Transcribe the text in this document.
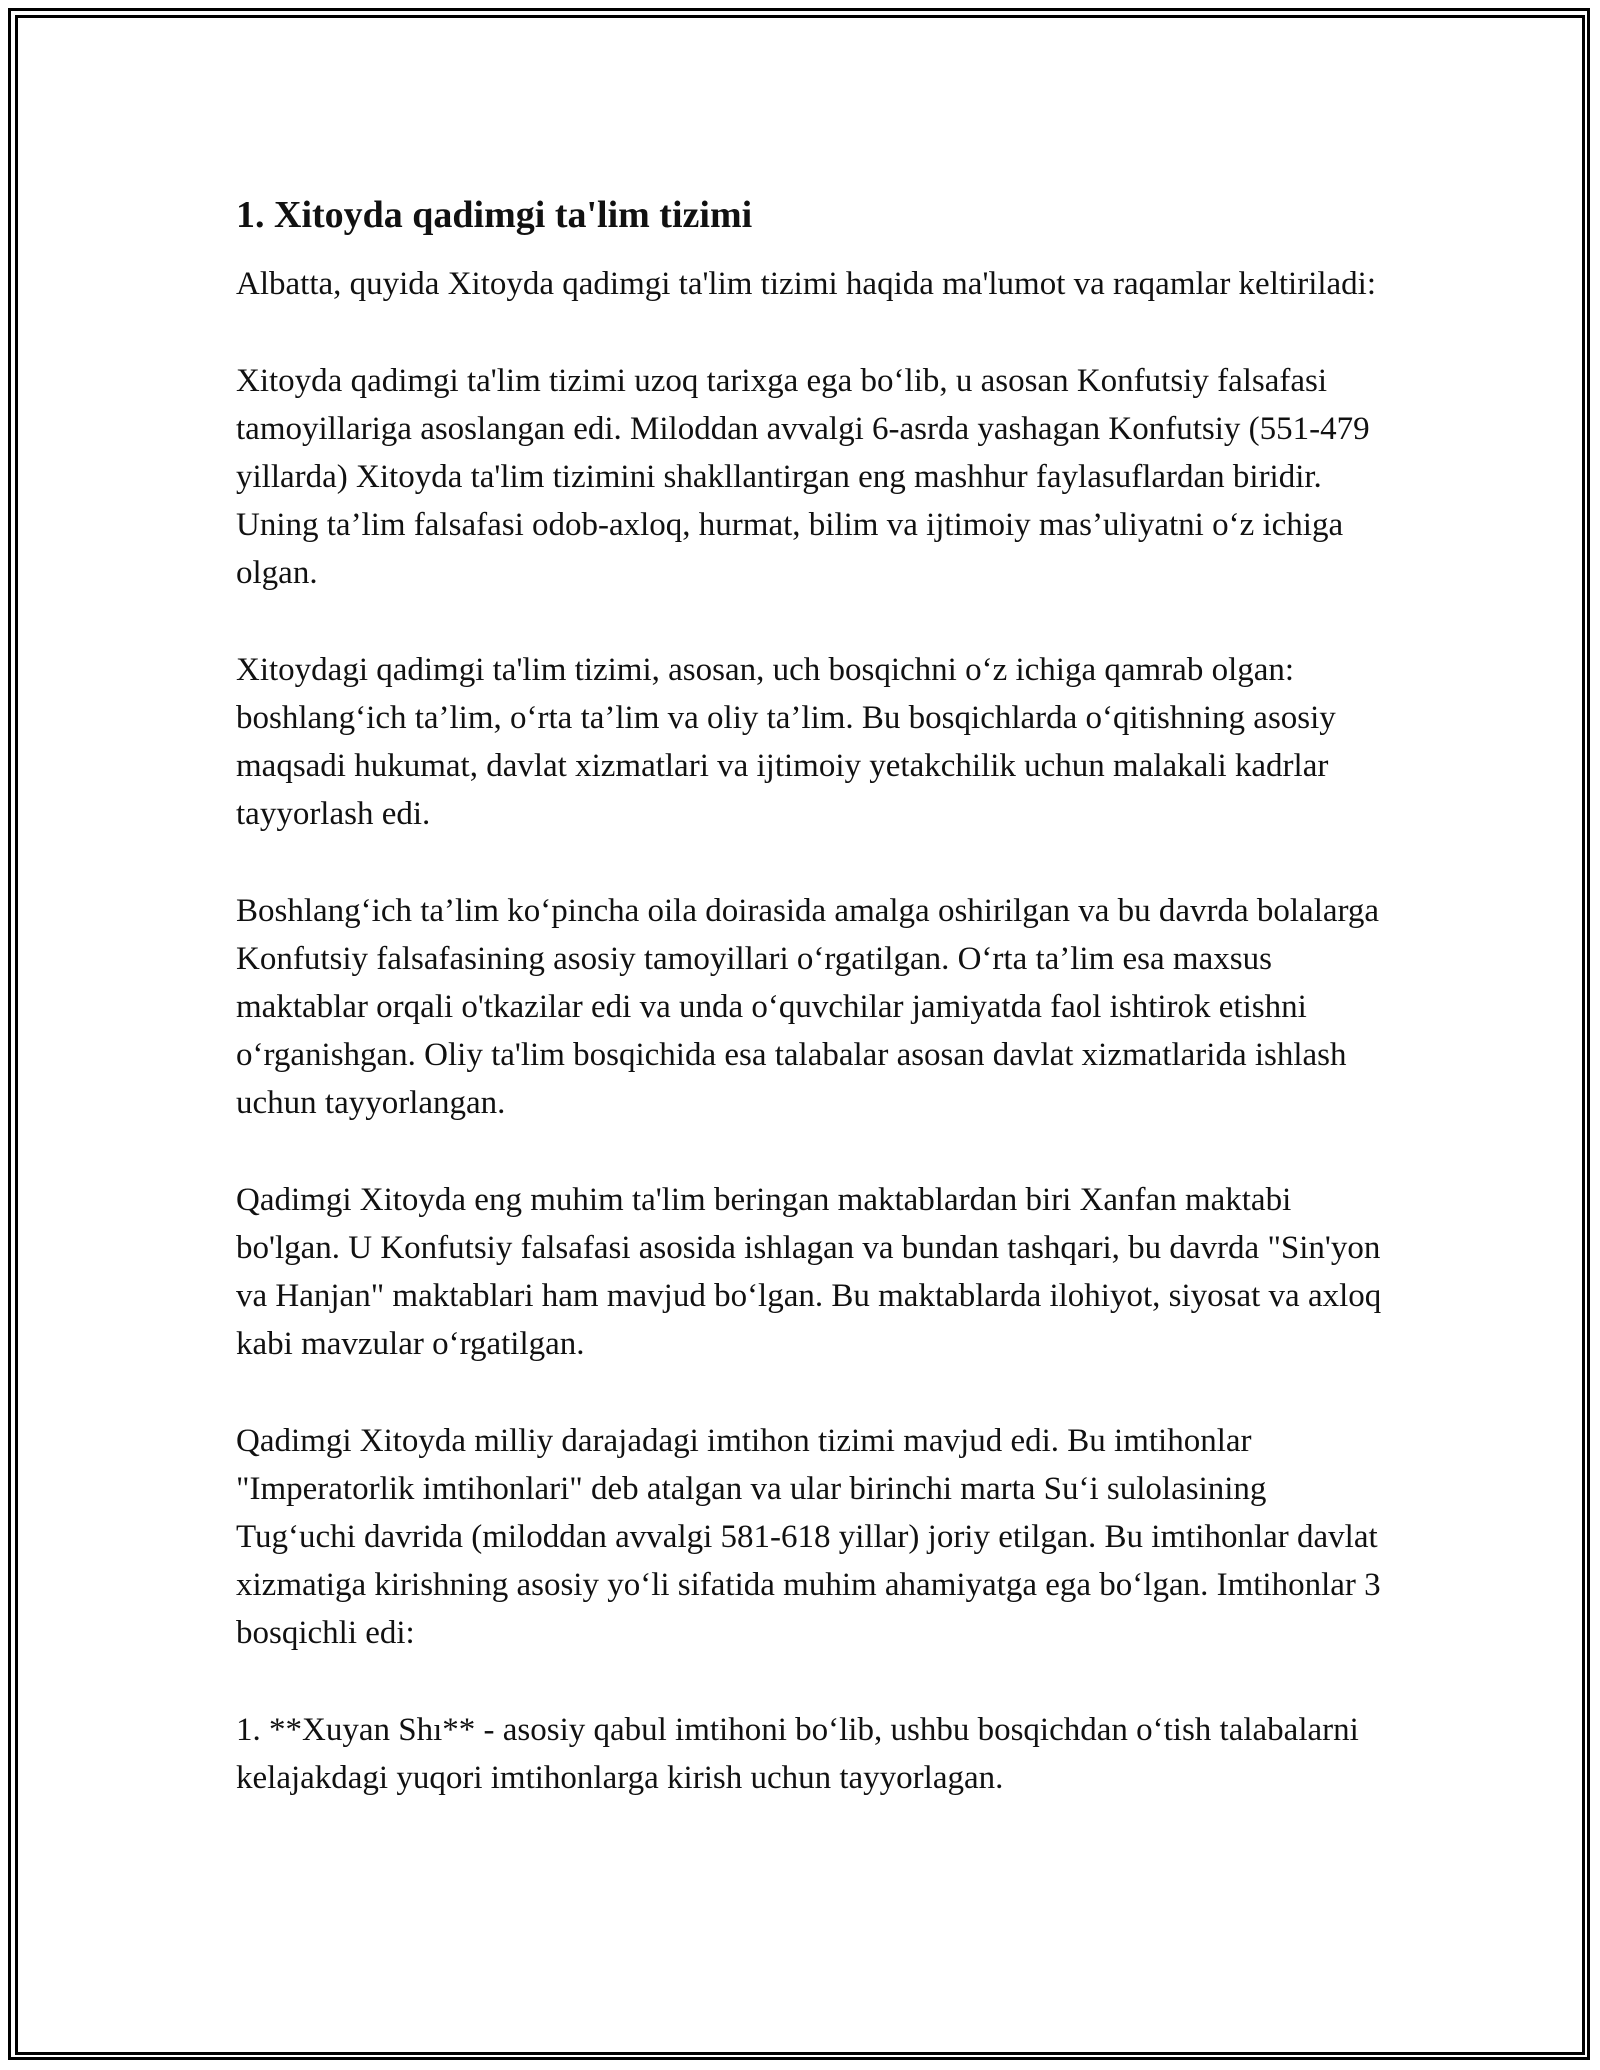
1. Xitoyda qadimgi ta'lim tizimi

Albatta, quyida Xitoyda qadimgi ta'lim tizimi haqida ma'lumot va raqamlar keltiriladi:

Xitoyda qadimgi ta'lim tizimi uzoq tarixga ega bo‘lib, u asosan Konfutsiy falsafasi tamoyillariga asoslangan edi. Miloddan avvalgi 6-asrda yashagan Konfutsiy (551-479 yillarda) Xitoyda ta'lim tizimini shakllantirgan eng mashhur faylasuflardan biridir. Uning ta’lim falsafasi odob-axloq, hurmat, bilim va ijtimoiy mas’uliyatni o‘z ichiga olgan.

Xitoydagi qadimgi ta'lim tizimi, asosan, uch bosqichni o‘z ichiga qamrab olgan: boshlang‘ich ta’lim, o‘rta ta’lim va oliy ta’lim. Bu bosqichlarda o‘qitishning asosiy maqsadi hukumat, davlat xizmatlari va ijtimoiy yetakchilik uchun malakali kadrlar tayyorlash edi.

Boshlang‘ich ta’lim ko‘pincha oila doirasida amalga oshirilgan va bu davrda bolalarga Konfutsiy falsafasining asosiy tamoyillari o‘rgatilgan. O‘rta ta’lim esa maxsus maktablar orqali o'tkazilar edi va unda o‘quvchilar jamiyatda faol ishtirok etishni o‘rganishgan. Oliy ta'lim bosqichida esa talabalar asosan davlat xizmatlarida ishlash uchun tayyorlangan.

Qadimgi Xitoyda eng muhim ta'lim beringan maktablardan biri Xanfan maktabi bo'lgan. U Konfutsiy falsafasi asosida ishlagan va bundan tashqari, bu davrda "Sin'yon va Hanjan" maktablari ham mavjud bo‘lgan. Bu maktablarda ilohiyot, siyosat va axloq kabi mavzular o‘rgatilgan.

Qadimgi Xitoyda milliy darajadagi imtihon tizimi mavjud edi. Bu imtihonlar "Imperatorlik imtihonlari" deb atalgan va ular birinchi marta Su‘i sulolasining Tug‘uchi davrida (miloddan avvalgi 581-618 yillar) joriy etilgan. Bu imtihonlar davlat xizmatiga kirishning asosiy yo‘li sifatida muhim ahamiyatga ega bo‘lgan. Imtihonlar 3 bosqichli edi:

1. **Xuyan Shı** - asosiy qabul imtihoni bo‘lib, ushbu bosqichdan o‘tish talabalarni kelajakdagi yuqori imtihonlarga kirish uchun tayyorlagan.
